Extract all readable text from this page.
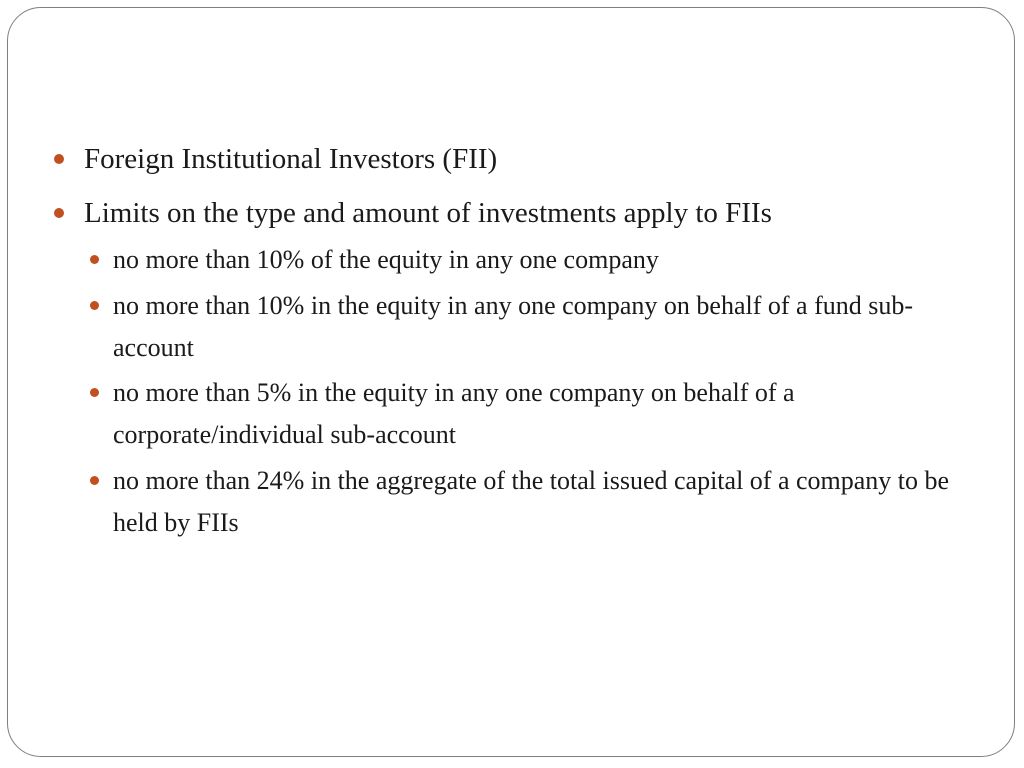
Foreign Institutional Investors (FII)
Limits on the type and amount of investments apply to FIIs
no more than 10% of the equity in any one company
no more than 10% in the equity in any one company on behalf of a fund sub-account
no more than 5% in the equity in any one company on behalf of a corporate/individual sub-account
no more than 24% in the aggregate of the total issued capital of a company to be held by FIIs
